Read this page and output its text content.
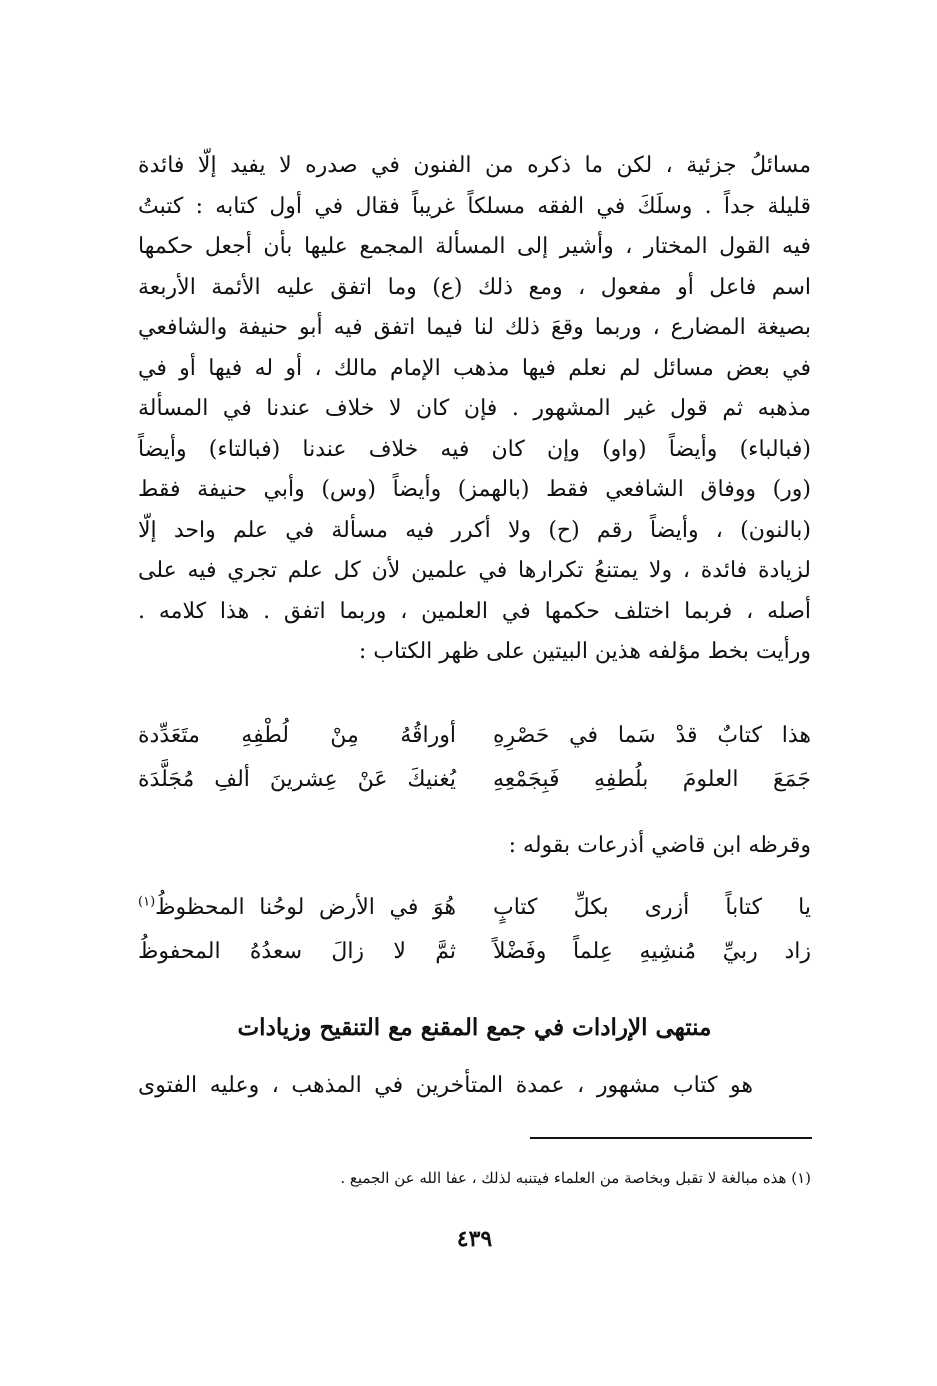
مسائلُ جزئية ، لكن ما ذكره من الفنون في صدره لا يفيد إلّا فائدة
قليلة جداً . وسلَكَ في الفقه مسلكاً غريباً فقال في أول كتابه : كتبتُ
فيه القول المختار ، وأشير إلى المسألة المجمع عليها بأن أجعل حكمها
اسم فاعل أو مفعول ، ومع ذلك (ع) وما اتفق عليه الأئمة الأربعة
بصيغة المضارع ، وربما وقعَ ذلك لنا فيما اتفق فيه أبو حنيفة والشافعي
في بعض مسائل لم نعلم فيها مذهب الإمام مالك ، أو له فيها أو في
مذهبه ثم قول غير المشهور . فإن كان لا خلاف عندنا في المسألة
(فبالباء) وأيضاً (واو) وإن كان فيه خلاف عندنا (فبالتاء) وأيضاً
(ور) ووفاق الشافعي فقط (بالهمز) وأيضاً (وس) وأبي حنيفة فقط
(بالنون) ، وأيضاً رقم (ح) ولا أكرر فيه مسألة في علم واحد إلّا
لزيادة فائدة ، ولا يمتنعُ تكرارها في علمين لأن كل علم تجري فيه على
أصله ، فربما اختلف حكمها في العلمين ، وربما اتفق . هذا كلامه .
ورأيت بخط مؤلفه هذين البيتين على ظهر الكتاب :
هذا كتابٌ قدْ سَما في حَصْرِهِ
أوراقُهُ مِنْ لُطْفِهِ متَعَدِّدة
جَمَعَ العلومَ بلُطفِهِ فَبِجَمْعِهِ
يُغنيكَ عَنْ عِشرينَ ألفِ مُجَلَّدَة
وقرظه ابن قاضي أذرعات بقوله :
يا كتاباً أزرى بكلِّ كتابٍ
هُوَ في الأرض لوحُنا المحظوظُ$^{(١)}$
زاد ربيِّ مُنشِيهِ عِلماً وفَضْلاً
ثمَّ لا زالَ سعدُهُ المحفوظُ
منتهى الإرادات في جمع المقنع مع التنقيح وزيادات
هو كتاب مشهور ، عمدة المتأخرين في المذهب ، وعليه الفتوى
(١) هذه مبالغة لا تقبل وبخاصة من العلماء فيتنبه لذلك ، عفا الله عن الجميع .
٤٣٩
